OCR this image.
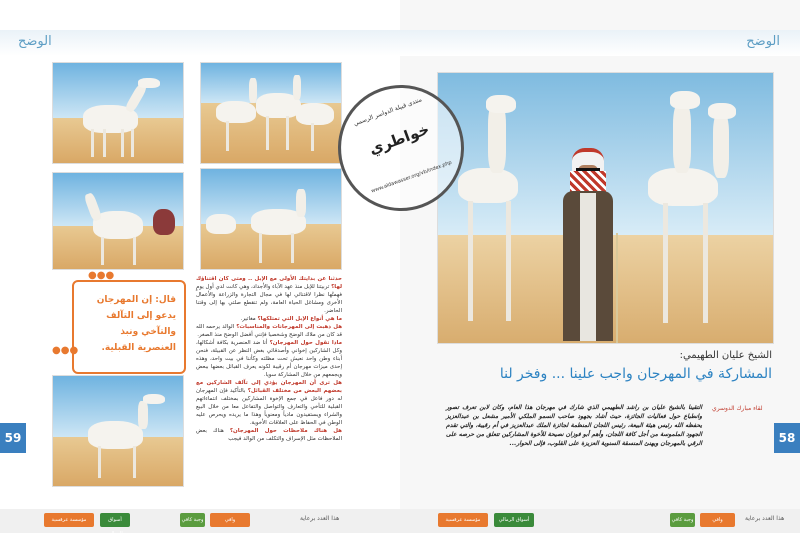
الوضح
قال: إن المهرجان يدعو إلى التآلف والتآخي ونبذ العنصرية القبلية.
●●●
●●●
حدثنا عن بدايتك الأولى مع الإبل .. ومتى كان اقتناؤك لها؟ تربيتنا للإبل منذ عهد الآباء والأجداد، وهي كانت لدي أول يومٍ فهمتُها نظرا لاقتنائي لها في مجال التجارة والزراعة والأعمال الأخرى ومشاغل الحياة العامة، ولم تنقطع صلتي بها إلى وقتنا الحاضر.
ما هي أنواع الإبل التي تمتلكها؟ مغاتير.
هل ذهبت إلى المهرجانات والمناسبات؟ الوالد يرحمه الله قد كان من ملاك الوضح وشخصيا فإنني أفضل الوضح منذ الصغر.
ماذا تقول حول المهرجان؟ أنا ضد العنصرية بكافة أشكالها، وكل الشاركين إخواني وأصدقائي بغض النظر عن القبيلة، فنحن أبناء وطن واحد نعيش تحت مظلته وكأننا في بيت واحد، وهذه إحدى ميزات مهرجان أم رقيبة لكونه يعرف القبائل بعضها ببعض ويجمعهم من خلال المشاركة سويا.
هل ترى أن المهرجان يؤدي إلى تآلف الشاركين مع بعضهم البعض من مختلف القبائل؟ بالتأكيد فإن المهرجان له دور فاعل في جمع الإخوة المشاركين بمختلف انتماءاتهم القبلية للتآخي والتعارف والتواصل والتفاعل معا من خلال البيع والشراء ويستفيدون مادياً ومعنوياً وهذا ما يريده ويحرص عليه الوطن في الحفاظ على العلاقات الأخوية.
هل هناك ملاحظات حول المهرجان؟ هناك بعض الملاحظات مثل الإسراف والتكلف من الوالد فيجب
59
مؤسسة عرقسية	أسواق الرمالي
وجبة كافي	وافي	هذا العدد برعاية
الوضح
منتدى قبيلة الدواسر الرسمي
خواطري
www.aldawasser.org/vb/index.php
58
مؤسسة عرقسية	أسواق الرمالي	وجبة كافي	وافي	هذا العدد برعاية
الشيخ عليان الطهيمي:
المشاركة في المهرجان واجب علينا ... وفخر لنا
لقاء مبارك الدوسري
التقينا بالشيخ عليان بن راشد الطهيمي الذي شارك في مهرجان هذا العام، وكان لابن تعرف تصور وانطباع حول فعاليات الجائزة، حيث أشاد بجهود صاحب السمو الملكي الأمير مشعل بن عبدالعزيز يحفظه الله رئيس هيئة البيعة، رئيس اللجان المنظمة لجائزة الملك عبدالعزيز في أم رقيبة، والتي تقدم الجهود الملموسة من أجل كافة اللجان، وأهم أبو فوزان نصيحة للأخوة المشاركين تتعلق من حرصه على الرقي بالمهرجان ويهنئ المنسقة السنوية العزيزة على القلوب، فإلى الحوار...
